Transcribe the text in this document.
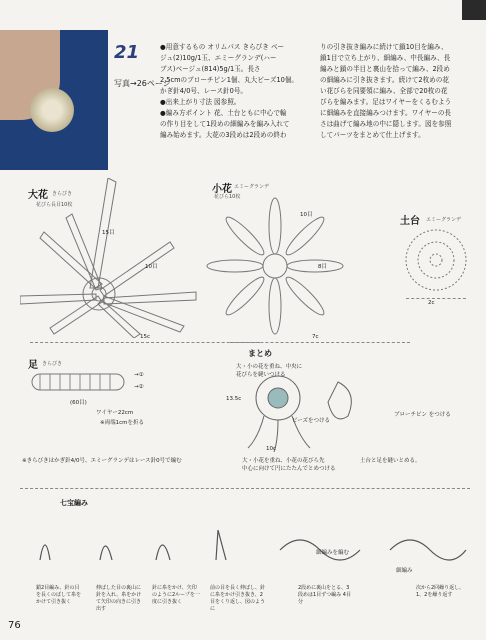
21
写真→26ページ
●用意するもの オリムパス きらびき ベー
ジュ(2)10g/1玉、エミーグランデ(ハー
ブス)ベージュ(814)5g/1玉。長さ
2.5cmのブローチピン1個、丸大ビーズ10個。
かぎ針4/0号、レース針0号。
●出来上がり寸法 図参照。
●編み方ポイント 花、土台ともに中心で輪
の作り目をして1段めの細編みを編み入れて
編み始めます。大花の3段めは2段めの終わ
りの引き抜き編みに続けて鎖10目を編み、
鎖1目で立ち上がり、細編み、中長編み、長
編みと鎖の半目と裏山を拾って編み、2段め
の細編みに引き抜きます。続けて2枚めの花
い花びらを同要領に編み、全部で20枚の花
びらを編みます。足はワイヤーをくるむよう
に細編みを直接編みつけます。ワイヤーの長
さは曲げて編み地の中に隠します。図を参照
してパーツをまとめて仕上げます。
大花 きらびき
花びら長目10枚
15目
10目
15c
小花 エミーグランデ
花びら10枚
10目
8目
7c
土台 エミーグランデ
2c
足 きらびき
→①
→②
(60目)
ワイヤー22cm
※両端1cmを折る
まとめ
大・小の花を重ね、中央に
花びらを縫いつける
13.5c
ビーズをつける
ブローチピン をつける
10c
大・小花を重ね、小花の花びら先
中心に向けて円にたたんでとめつける
土台と足を縫いとめる。
※きらびきはかぎ針4/0号、エミーグランデはレース針0号で編む
七宝編み
細編みを編む
細編み
鎖2目編み、針の目を長くのばして糸をかけて引き抜く
伸ばした目の裏山に針を入れ、糸をかけて矢印の向きに引き出す
針に糸をかけ、矢印のように2ループを一度に引き抜く
前の目を長く伸ばし、針に糸をかけ引き抜き、2目をくり返し、図のように
2段めに裏山をとる、3段めは1目ずつ編み 4目分
次から2回繰り返し、1、2を繰り返す
76
